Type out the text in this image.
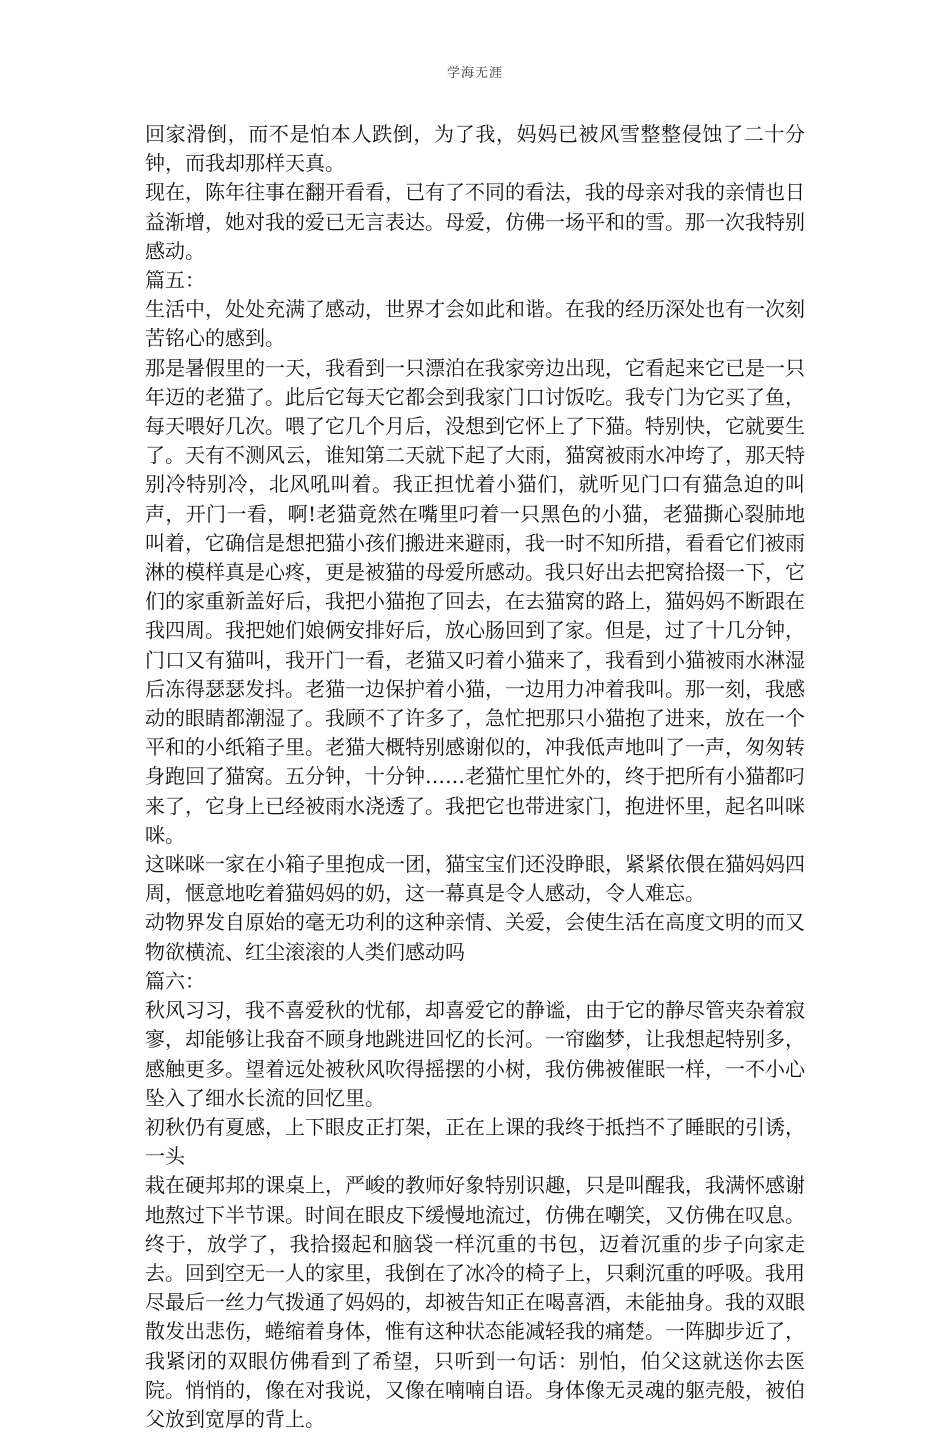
学海无涯

回家滑倒，而不是怕本人跌倒，为了我，妈妈已被风雪整整侵蚀了二十分钟，而我却那样天真。

现在，陈年往事在翻开看看，已有了不同的看法，我的母亲对我的亲情也日益渐增，她对我的爱已无言表达。母爱，仿佛一场平和的雪。那一次我特别感动。

篇五：

生活中，处处充满了感动，世界才会如此和谐。在我的经历深处也有一次刻苦铭心的感到。

那是暑假里的一天，我看到一只漂泊在我家旁边出现，它看起来它已是一只年迈的老猫了。此后它每天它都会到我家门口讨饭吃。我专门为它买了鱼，每天喂好几次。喂了它几个月后，没想到它怀上了下猫。特别快，它就要生了。天有不测风云，谁知第二天就下起了大雨，猫窝被雨水冲垮了，那天特别冷特别冷，北风吼叫着。我正担忧着小猫们，就听见门口有猫急迫的叫声，开门一看，啊!老猫竟然在嘴里叼着一只黑色的小猫，老猫撕心裂肺地叫着，它确信是想把猫小孩们搬进来避雨，我一时不知所措，看看它们被雨淋的模样真是心疼，更是被猫的母爱所感动。我只好出去把窝拾掇一下，它们的家重新盖好后，我把小猫抱了回去，在去猫窝的路上，猫妈妈不断跟在我四周。我把她们娘俩安排好后，放心肠回到了家。但是，过了十几分钟，门口又有猫叫，我开门一看，老猫又叼着小猫来了，我看到小猫被雨水淋湿后冻得瑟瑟发抖。老猫一边保护着小猫，一边用力冲着我叫。那一刻，我感动的眼睛都潮湿了。我顾不了许多了，急忙把那只小猫抱了进来，放在一个平和的小纸箱子里。老猫大概特别感谢似的，冲我低声地叫了一声，匆匆转身跑回了猫窝。五分钟，十分钟……老猫忙里忙外的，终于把所有小猫都叼来了，它身上已经被雨水浇透了。我把它也带进家门，抱进怀里，起名叫咪咪。

这咪咪一家在小箱子里抱成一团，猫宝宝们还没睁眼，紧紧依偎在猫妈妈四周，惬意地吃着猫妈妈的奶，这一幕真是令人感动，令人难忘。

动物界发自原始的毫无功利的这种亲情、关爱，会使生活在高度文明的而又物欲横流、红尘滚滚的人类们感动吗

篇六：

秋风习习，我不喜爱秋的忧郁，却喜爱它的静谧，由于它的静尽管夹杂着寂寥，却能够让我奋不顾身地跳进回忆的长河。一帘幽梦，让我想起特别多，感触更多。望着远处被秋风吹得摇摆的小树，我仿佛被催眠一样，一不小心坠入了细水长流的回忆里。

初秋仍有夏感，上下眼皮正打架，正在上课的我终于抵挡不了睡眠的引诱，一头

栽在硬邦邦的课桌上，严峻的教师好象特别识趣，只是叫醒我，我满怀感谢地熬过下半节课。时间在眼皮下缓慢地流过，仿佛在嘲笑，又仿佛在叹息。终于，放学了，我拾掇起和脑袋一样沉重的书包，迈着沉重的步子向家走去。回到空无一人的家里，我倒在了冰冷的椅子上，只剩沉重的呼吸。我用尽最后一丝力气拨通了妈妈的，却被告知正在喝喜酒，未能抽身。我的双眼散发出悲伤，蜷缩着身体，惟有这种状态能减轻我的痛楚。一阵脚步近了，我紧闭的双眼仿佛看到了希望，只听到一句话：别怕，伯父这就送你去医院。悄悄的，像在对我说，又像在喃喃自语。身体像无灵魂的躯壳般，被伯父放到宽厚的背上。
